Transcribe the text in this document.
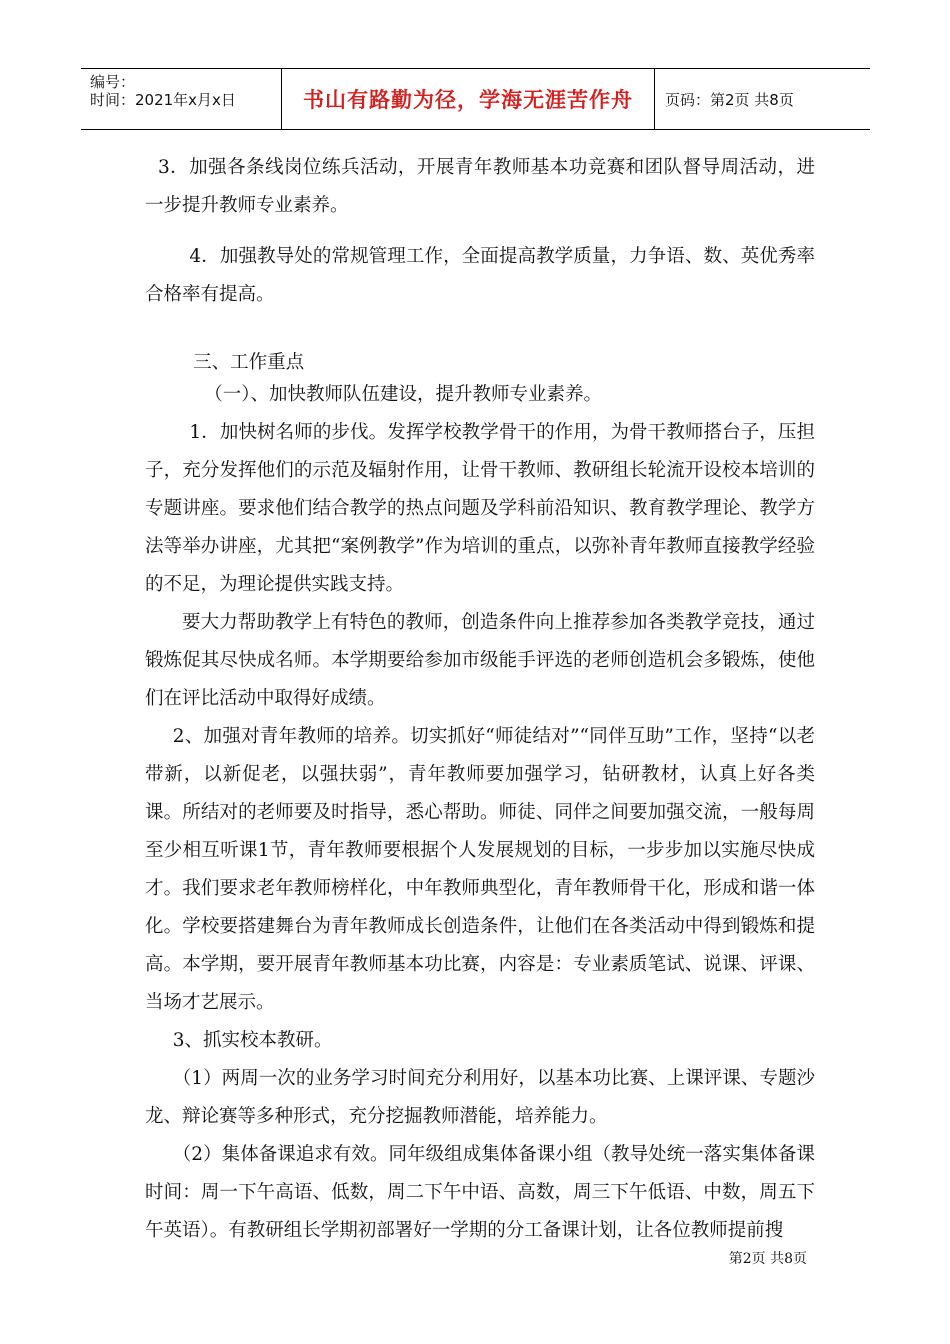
编号：
时间：2021年x月x日	书山有路勤为径，学海无涯苦作舟	页码：第2页 共8页

3．加强各条线岗位练兵活动，开展青年教师基本功竞赛和团队督导周活动，进一步提升教师专业素养。

4．加强教导处的常规管理工作，全面提高教学质量，力争语、数、英优秀率合格率有提高。

三、工作重点

（一）、加快教师队伍建设，提升教师专业素养。

1．加快树名师的步伐。发挥学校教学骨干的作用，为骨干教师搭台子，压担子，充分发挥他们的示范及辐射作用，让骨干教师、教研组长轮流开设校本培训的专题讲座。要求他们结合教学的热点问题及学科前沿知识、教育教学理论、教学方法等举办讲座，尤其把“案例教学”作为培训的重点，以弥补青年教师直接教学经验的不足，为理论提供实践支持。

要大力帮助教学上有特色的教师，创造条件向上推荐参加各类教学竞技，通过锻炼促其尽快成名师。本学期要给参加市级能手评选的老师创造机会多锻炼，使他们在评比活动中取得好成绩。

2、加强对青年教师的培养。切实抓好“师徒结对”“同伴互助”工作，坚持“以老带新，以新促老，以强扶弱”，青年教师要加强学习，钻研教材，认真上好各类课。所结对的老师要及时指导，悉心帮助。师徒、同伴之间要加强交流，一般每周至少相互听课1节，青年教师要根据个人发展规划的目标，一步步加以实施尽快成才。我们要求老年教师榜样化，中年教师典型化，青年教师骨干化，形成和谐一体化。学校要搭建舞台为青年教师成长创造条件，让他们在各类活动中得到锻炼和提高。本学期，要开展青年教师基本功比赛，内容是：专业素质笔试、说课、评课、当场才艺展示。

3、抓实校本教研。

（1）两周一次的业务学习时间充分利用好，以基本功比赛、上课评课、专题沙龙、辩论赛等多种形式，充分挖掘教师潜能，培养能力。

（2）集体备课追求有效。同年级组成集体备课小组（教导处统一落实集体备课时间：周一下午高语、低数，周二下午中语、高数，周三下午低语、中数，周五下午英语）。有教研组长学期初部署好一学期的分工备课计划，让各位教师提前搜

第2页 共8页
